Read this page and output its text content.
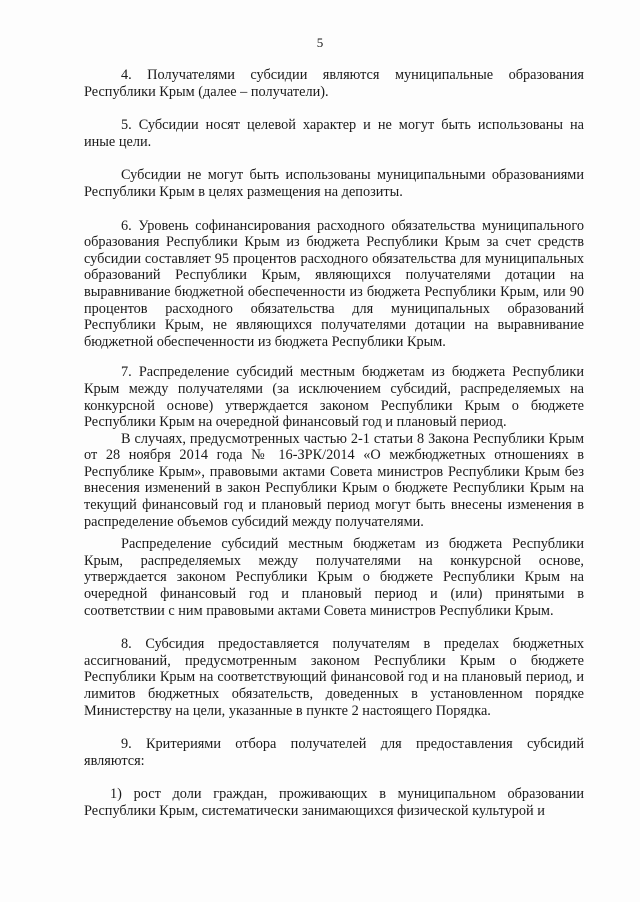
5

4. Получателями субсидии являются муниципальные образования Республики Крым (далее – получатели).

5. Субсидии носят целевой характер и не могут быть использованы на иные цели.

Субсидии не могут быть использованы муниципальными образованиями Республики Крым в целях размещения на депозиты.

6. Уровень софинансирования расходного обязательства муниципального образования Республики Крым из бюджета Республики Крым за счет средств субсидии составляет 95 процентов расходного обязательства для муниципальных образований Республики Крым, являющихся получателями дотации на выравнивание бюджетной обеспеченности из бюджета Республики Крым, или 90 процентов расходного обязательства для муниципальных образований Республики Крым, не являющихся получателями дотации на выравнивание бюджетной обеспеченности из бюджета Республики Крым.

7. Распределение субсидий местным бюджетам из бюджета Республики Крым между получателями (за исключением субсидий, распределяемых на конкурсной основе) утверждается законом Республики Крым о бюджете Республики Крым на очередной финансовый год и плановый период.

В случаях, предусмотренных частью 2-1 статьи 8 Закона Республики Крым от 28 ноября 2014 года № 16-ЗРК/2014 «О межбюджетных отношениях в Республике Крым», правовыми актами Совета министров Республики Крым без внесения изменений в закон Республики Крым о бюджете Республики Крым на текущий финансовый год и плановый период могут быть внесены изменения в распределение объемов субсидий между получателями.

Распределение субсидий местным бюджетам из бюджета Республики Крым, распределяемых между получателями на конкурсной основе, утверждается законом Республики Крым о бюджете Республики Крым на очередной финансовый год и плановый период и (или) принятыми в соответствии с ним правовыми актами Совета министров Республики Крым.

8. Субсидия предоставляется получателям в пределах бюджетных ассигнований, предусмотренным законом Республики Крым о бюджете Республики Крым на соответствующий финансовой год и на плановый период, и лимитов бюджетных обязательств, доведенных в установленном порядке Министерству на цели, указанные в пункте 2 настоящего Порядка.

9. Критериями отбора получателей для предоставления субсидий являются:

1) рост доли граждан, проживающих в муниципальном образовании Республики Крым, систематически занимающихся физической культурой и
